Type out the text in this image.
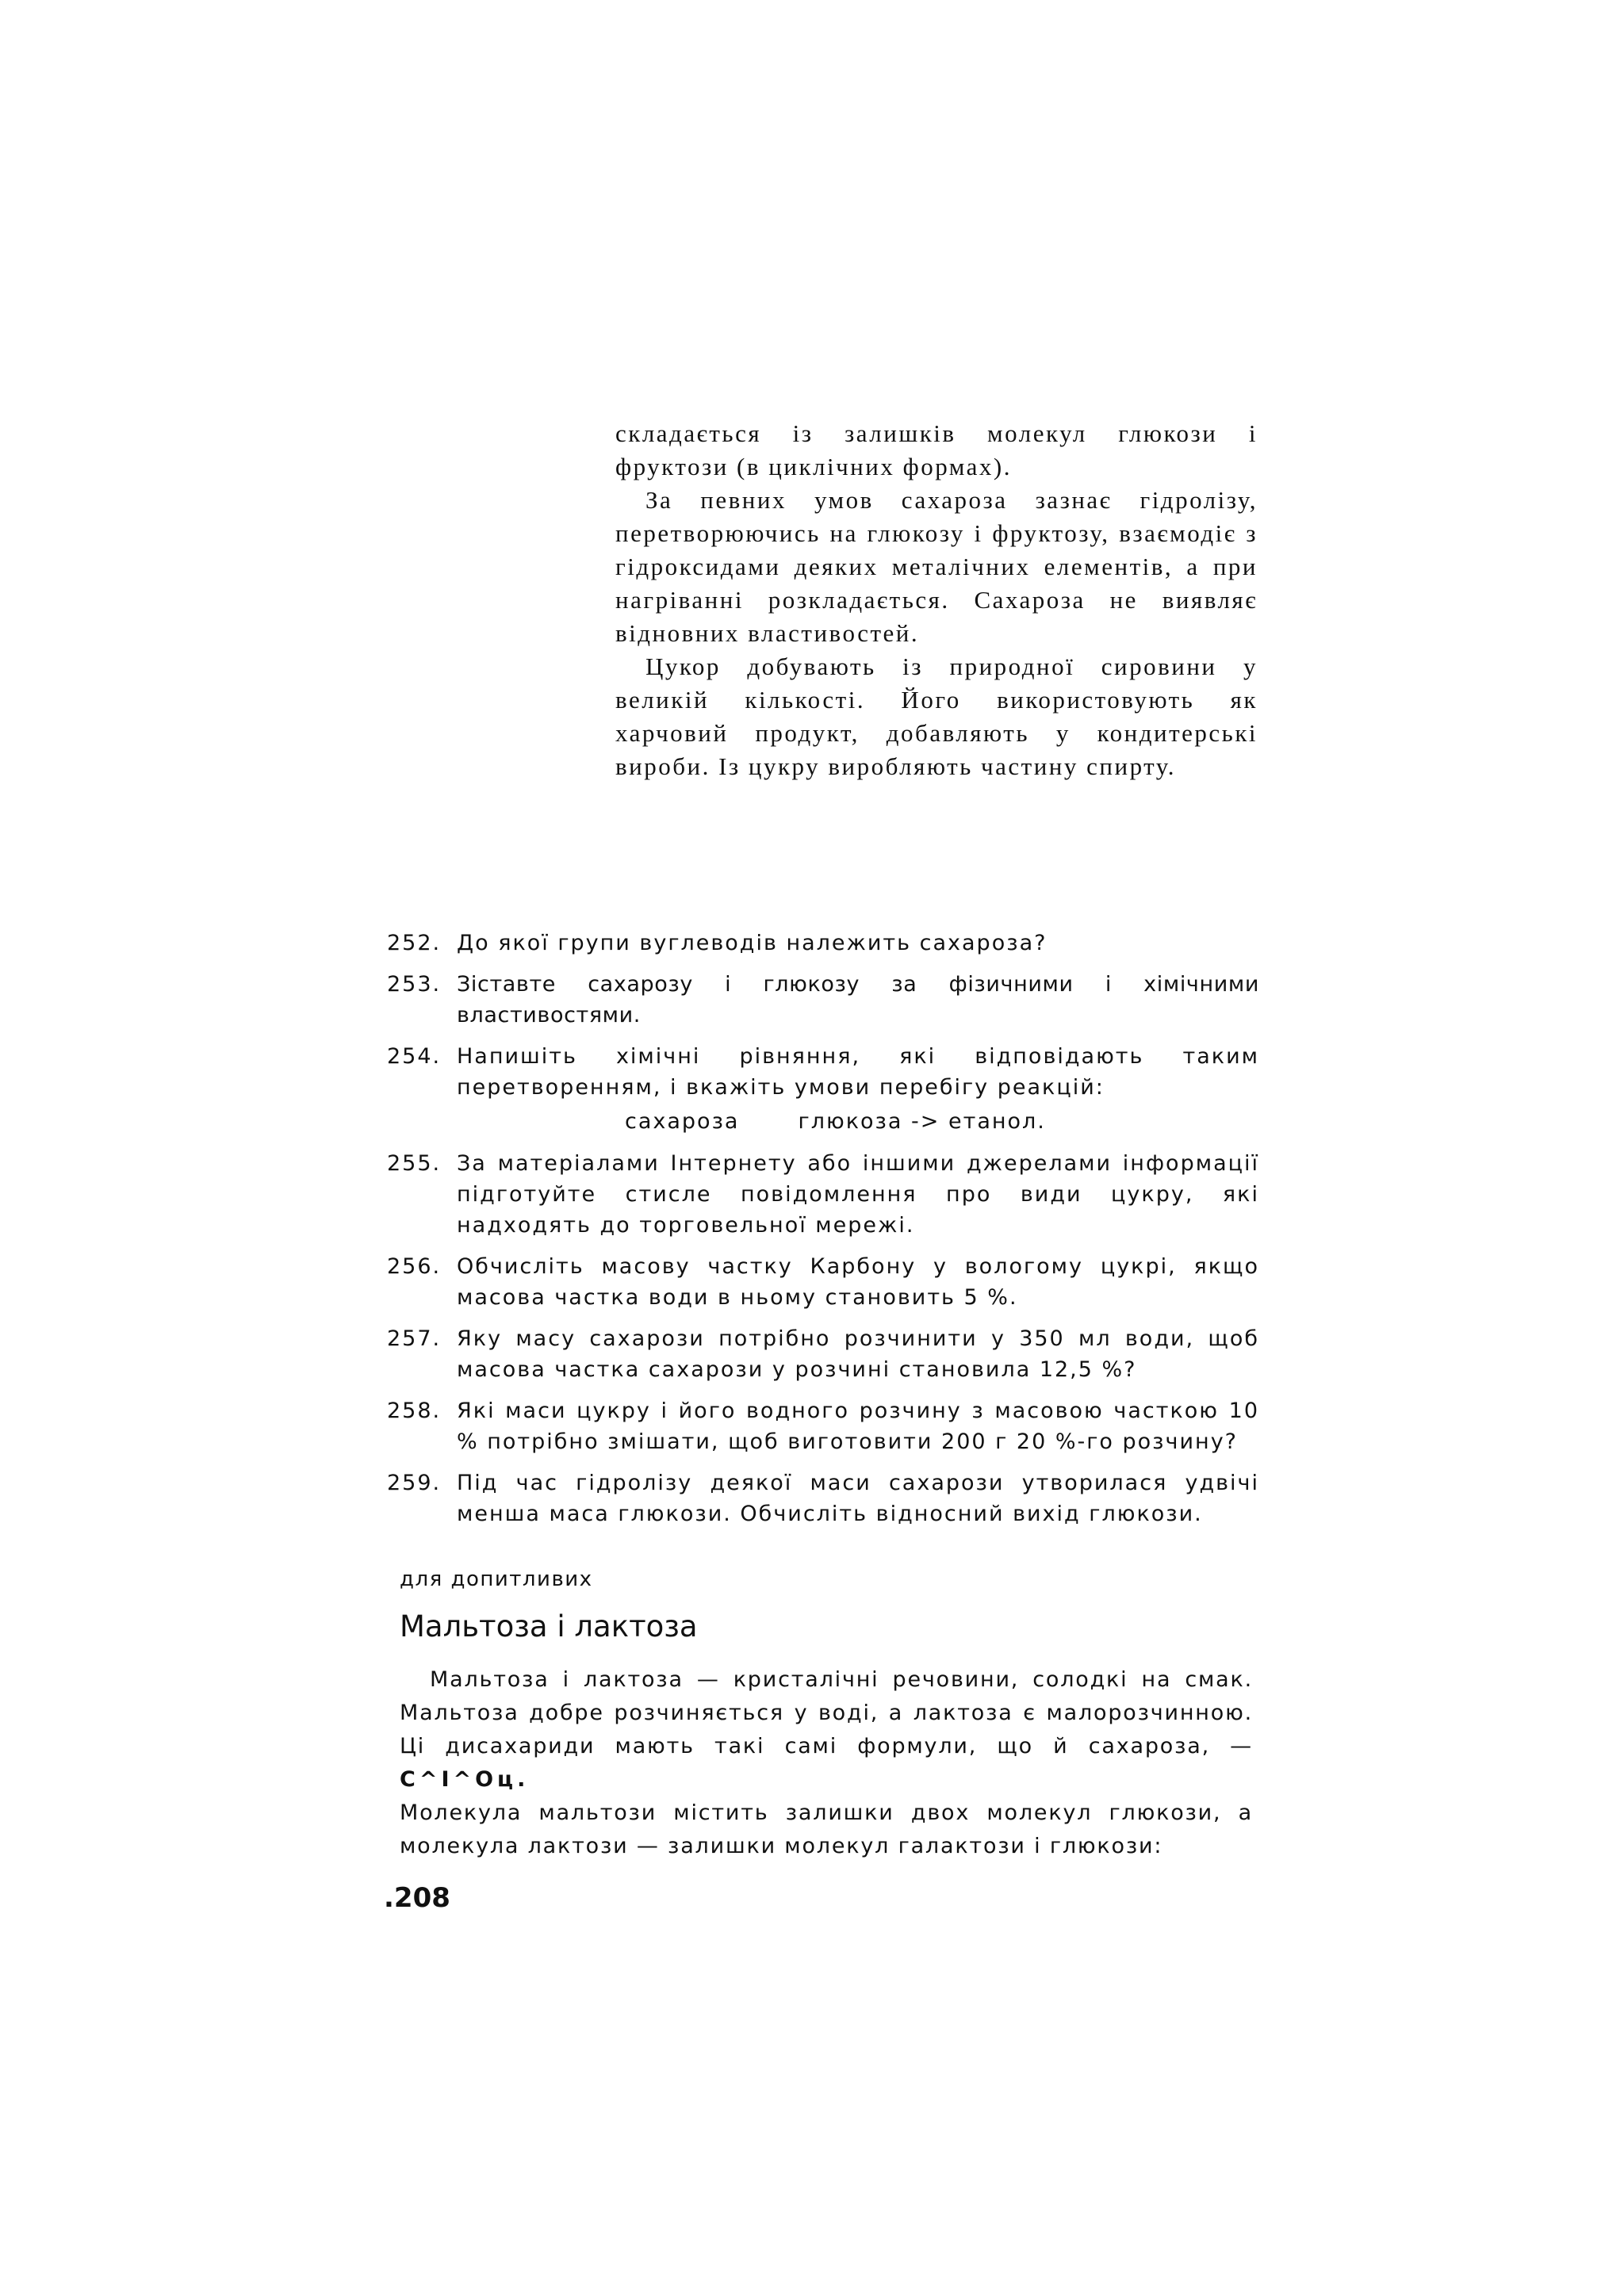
складається із залишків молекул глюкози і фруктози (в циклічних формах).

За певних умов сахароза зазнає гідролізу, перетворюючись на глюкозу і фруктозу, взаємодіє з гідроксидами деяких металічних елементів, а при нагріванні розкладається. Сахароза не виявляє відновних властивостей.

Цукор добувають із природної сировини у великій кількості. Його використовують як харчовий продукт, добавляють у кондитерські вироби. Із цукру виробляють частину спирту.

252. До якої групи вуглеводів належить сахароза?
253. Зіставте сахарозу і глюкозу за фізичними і хімічними властивостями.
254. Напишіть хімічні рівняння, які відповідають таким перетворенням, і вкажіть умови перебігу реакцій:
сахароза       глюкоза -> етанол.
255. За матеріалами Інтернету або іншими джерелами інформації підготуйте стисле повідомлення про види цукру, які надходять до торговельної мережі.
256. Обчисліть масову частку Карбону у вологому цукрі, якщо масова частка води в ньому становить 5 %.
257. Яку масу сахарози потрібно розчинити у 350 мл води, щоб масова частка сахарози у розчині становила 12,5 %?
258. Які маси цукру і його водного розчину з масовою часткою 10 % потрібно змішати, щоб виготовити 200 г 20 %-го розчину?
259. Під час гідролізу деякої маси сахарози утворилася удвічі менша маса глюкози. Обчисліть відносний вихід глюкози.
для допитливих
Мальтоза і лактоза

Мальтоза і лактоза — кристалічні речовини, солодкі на смак. Мальтоза добре розчиняється у воді, а лактоза є малорозчинною. Ці дисахариди мають такі самі формули, що й сахароза, — C^I^Oц.

Молекула мальтози містить залишки двох молекул глюкози, а молекула лактози — залишки молекул галактози і глюкози:

.208
